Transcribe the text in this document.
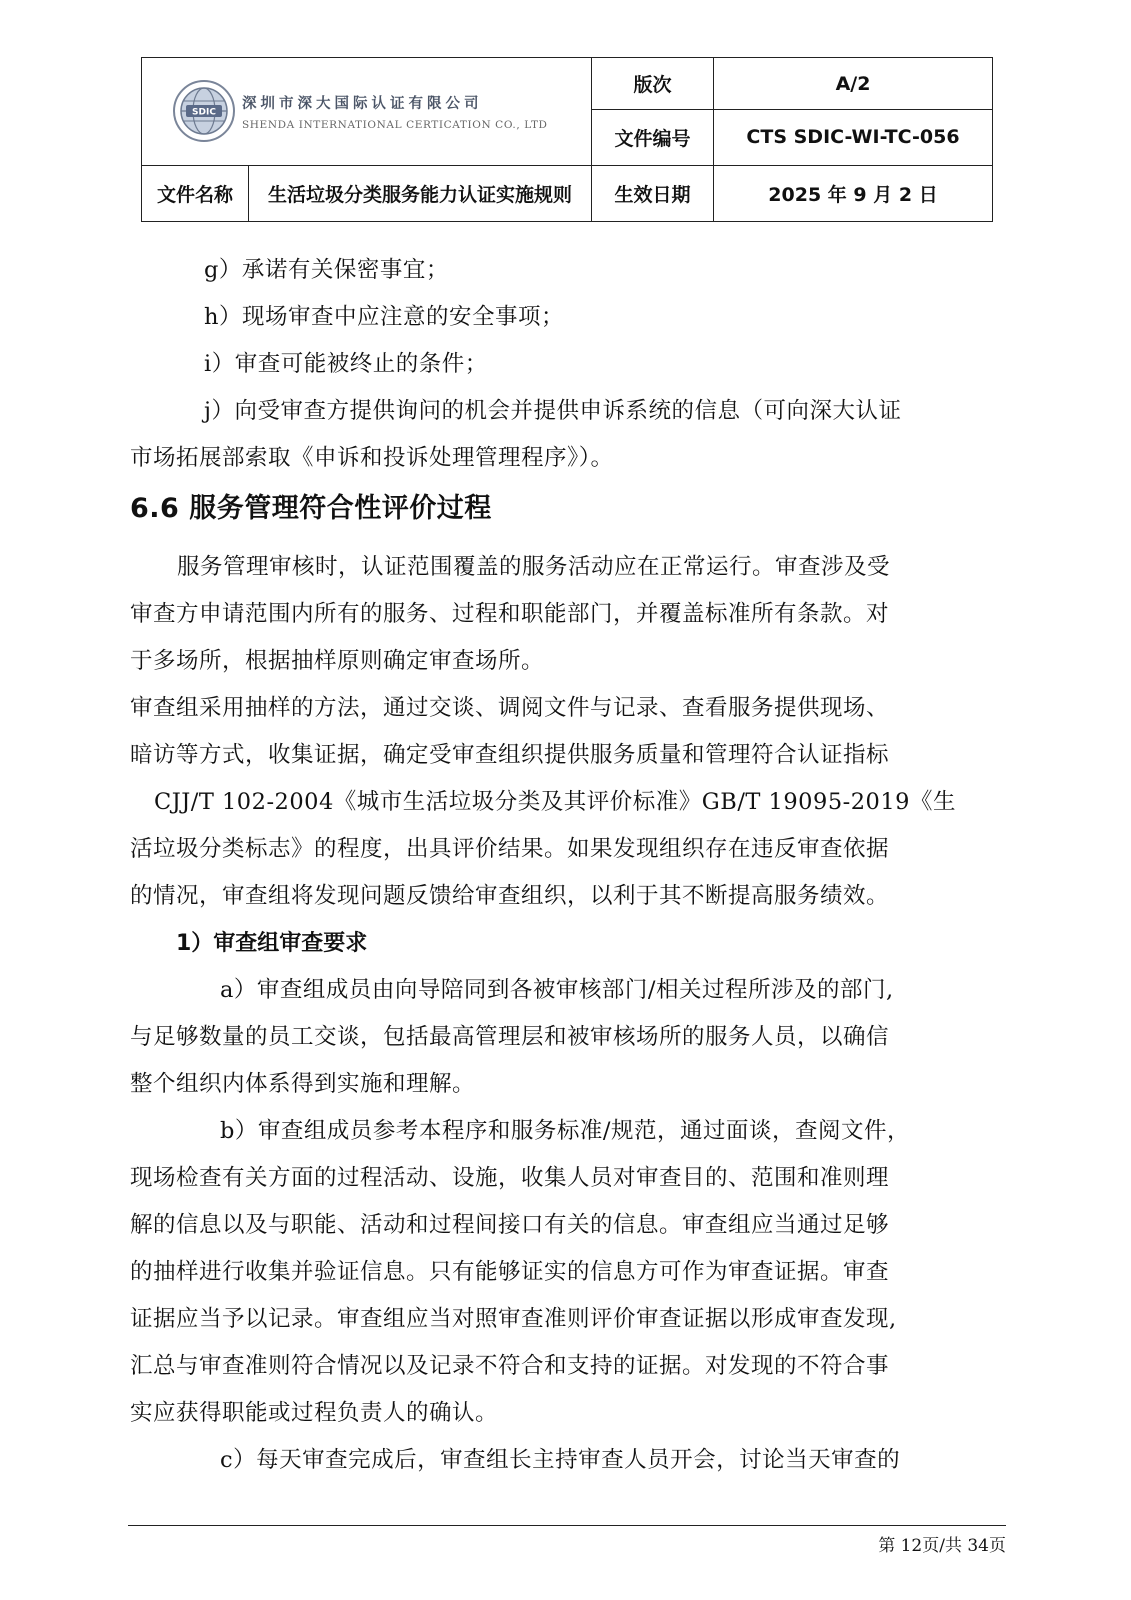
SDIC
深圳市深大国际认证有限公司
SHENDA INTERNATIONAL CERTICATION CO., LTD		版次	A/2
		文件编号	CTS SDIC-WI-TC-056
文件名称	生活垃圾分类服务能力认证实施规则	生效日期	2025 年 9 月 2 日

g）承诺有关保密事宜；

h）现场审查中应注意的安全事项；

i）审查可能被终止的条件；

j）向受审查方提供询问的机会并提供申诉系统的信息（可向深大认证

市场拓展部索取《申诉和投诉处理管理程序》）。

6.6 服务管理符合性评价过程

服务管理审核时，认证范围覆盖的服务活动应在正常运行。审查涉及受

审查方申请范围内所有的服务、过程和职能部门，并覆盖标准所有条款。对

于多场所，根据抽样原则确定审查场所。

审查组采用抽样的方法，通过交谈、调阅文件与记录、查看服务提供现场、

暗访等方式，收集证据，确定受审查组织提供服务质量和管理符合认证指标

CJJ/T 102-2004《城市生活垃圾分类及其评价标准》GB/T 19095-2019《生

活垃圾分类标志》的程度，出具评价结果。如果发现组织存在违反审查依据

的情况，审查组将发现问题反馈给审查组织，以利于其不断提高服务绩效。

1）审查组审查要求

a）审查组成员由向导陪同到各被审核部门/相关过程所涉及的部门,

与足够数量的员工交谈，包括最高管理层和被审核场所的服务人员，以确信

整个组织内体系得到实施和理解。

b）审查组成员参考本程序和服务标准/规范，通过面谈，查阅文件，

现场检查有关方面的过程活动、设施，收集人员对审查目的、范围和准则理

解的信息以及与职能、活动和过程间接口有关的信息。审查组应当通过足够

的抽样进行收集并验证信息。只有能够证实的信息方可作为审查证据。审查

证据应当予以记录。审查组应当对照审查准则评价审查证据以形成审查发现,

汇总与审查准则符合情况以及记录不符合和支持的证据。对发现的不符合事

实应获得职能或过程负责人的确认。

c）每天审查完成后，审查组长主持审查人员开会，讨论当天审查的

第 12页/共 34页
